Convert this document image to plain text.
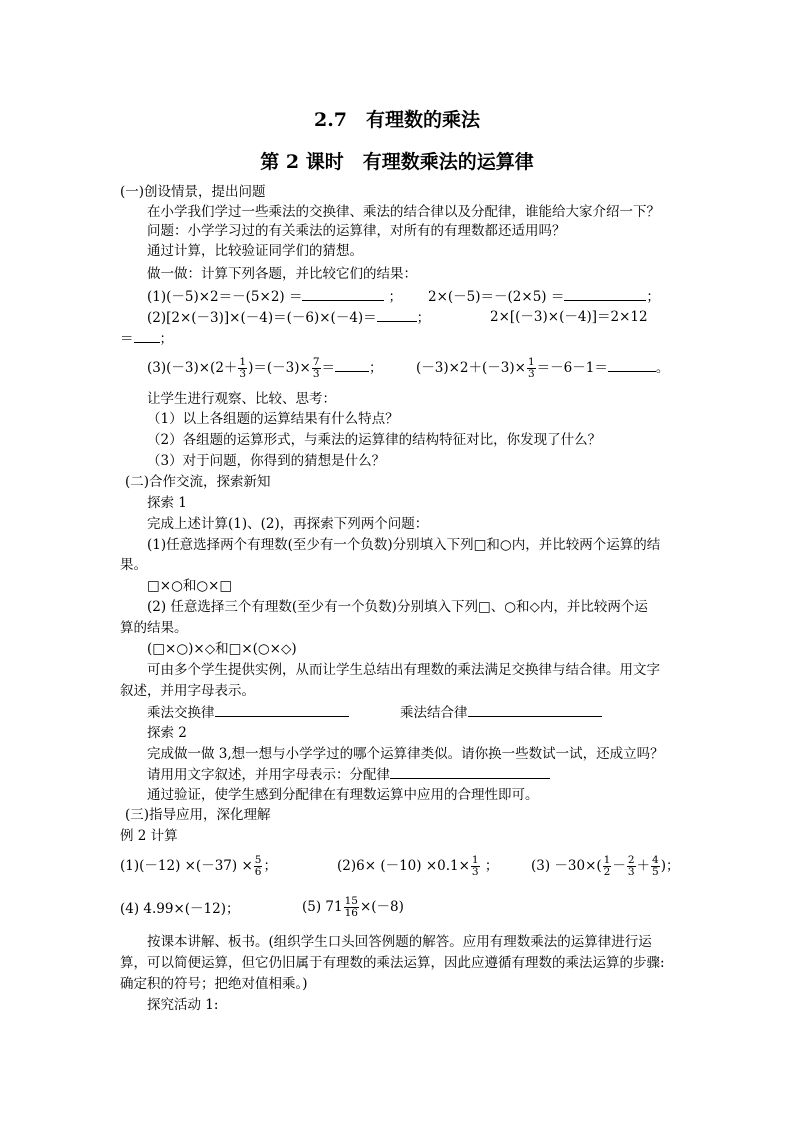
2.7　有理数的乘法
第 2 课时　有理数乘法的运算律
(一)创设情景，提出问题
在小学我们学过一些乘法的交换律、乘法的结合律以及分配律，谁能给大家介绍一下？
问题：小学学习过的有关乘法的运算律，对所有的有理数都还适用吗？
通过计算，比较验证同学们的猜想。
做一做：计算下列各题，并比较它们的结果：
(1)(－5)×2＝－(5×2) ＝	； 2×(－5)＝－(2×5) ＝	；
(2)[2×(－3)]×(－4)＝(－6)×(－4)＝	；	2×[(－3)×(－4)]＝2×12
＝ ；
$(3)(-3)\times(2+ \frac{1}{3} )=(-3)\times \frac{7}{3}$ ＝	； $(-3)\times 2+(-3)\times \frac{1}{3} =-6-1=$	。
让学生进行观察、比较、思考：
（1）以上各组题的运算结果有什么特点？
（2）各组题的运算形式，与乘法的运算律的结构特征对比，你发现了什么？
（3）对于问题，你得到的猜想是什么？
(二)合作交流，探索新知
探索 1
完成上述计算(1)、(2)，再探索下列两个问题：
(1)任意选择两个有理数(至少有一个负数)分别填入下列□和○内，并比较两个运算的结
果。
□×○和○×□
(2) 任意选择三个有理数(至少有一个负数)分别填入下列□、○和◇内，并比较两个运
算的结果。
(□×○)×◇和□×(○×◇)
可由多个学生提供实例，从而让学生总结出有理数的乘法满足交换律与结合律。用文字
叙述，并用字母表示。
乘法交换律	乘法结合律
探索 2
完成做一做 3,想一想与小学学过的哪个运算律类似。请你换一些数试一试，还成立吗？
请用用文字叙述，并用字母表示：分配律
通过验证，使学生感到分配律在有理数运算中应用的合理性即可。
(三)指导应用，深化理解
例 2 计算
$(1)(-12) \times(-37) \times \frac{5}{6}$ ；	$(2)6\times (-10) \times 0.1\times \frac{1}{3}$ ； $(3) -30\times( \frac{1}{2} - \frac{2}{3} + \frac{4}{5}$ )；
(4) 4.99×(－12)；	(5) $71 \frac{15}{16} \times(-8)$
按课本讲解、板书。(组织学生口头回答例题的解答。应用有理数乘法的运算律进行运
算，可以简便运算，但它仍旧属于有理数的乘法运算，因此应遵循有理数的乘法运算的步骤:
确定积的符号；把绝对值相乘。)
探究活动 1:
